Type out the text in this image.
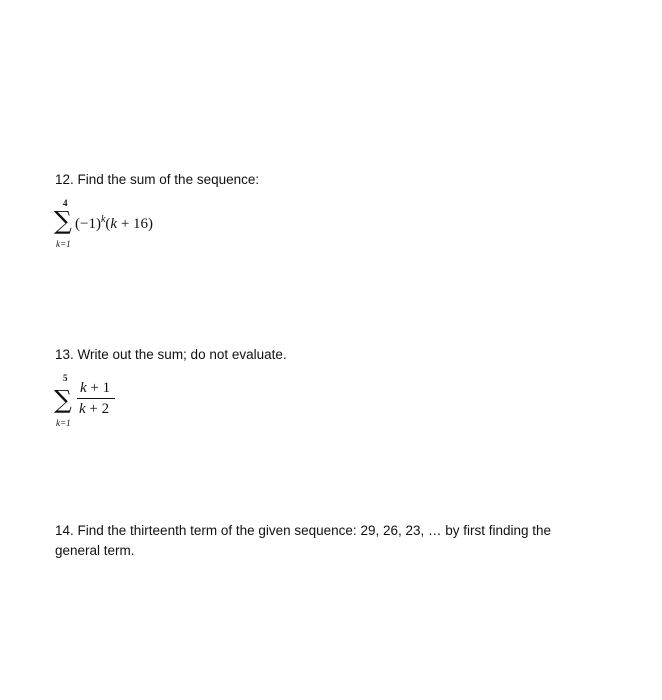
12. Find the sum of the sequence:
4
∑
k=1
$(-1)^k(k + 16)$
13. Write out the sum; do not evaluate.
5
∑
k=1
k + 1
k + 2
14. Find the thirteenth term of the given sequence: 29, 26, 23, … by first finding the
general term.
